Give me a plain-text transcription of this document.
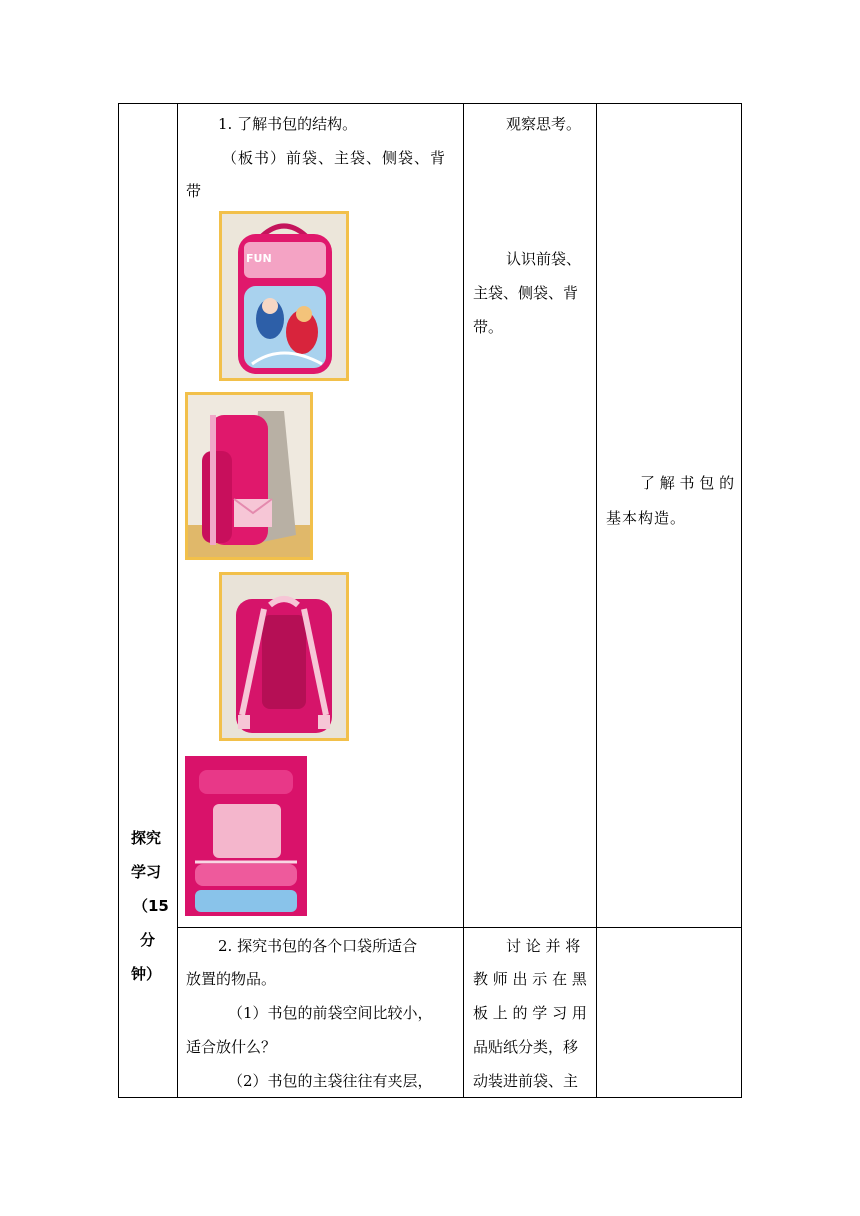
探究
学习
（15
分
钟）
1. 了解书包的结构。
（板书）前袋、主袋、侧袋、背
带
FUN
观察思考。
认识前袋、
主袋、侧袋、背
带。
了 解 书 包 的
基本构造。
2. 探究书包的各个口袋所适合
放置的物品。
（1）书包的前袋空间比较小，
适合放什么？
（2）书包的主袋往往有夹层，
讨 论 并 将
教 师 出 示 在 黑
板 上 的 学 习 用
品贴纸分类，移
动装进前袋、主
